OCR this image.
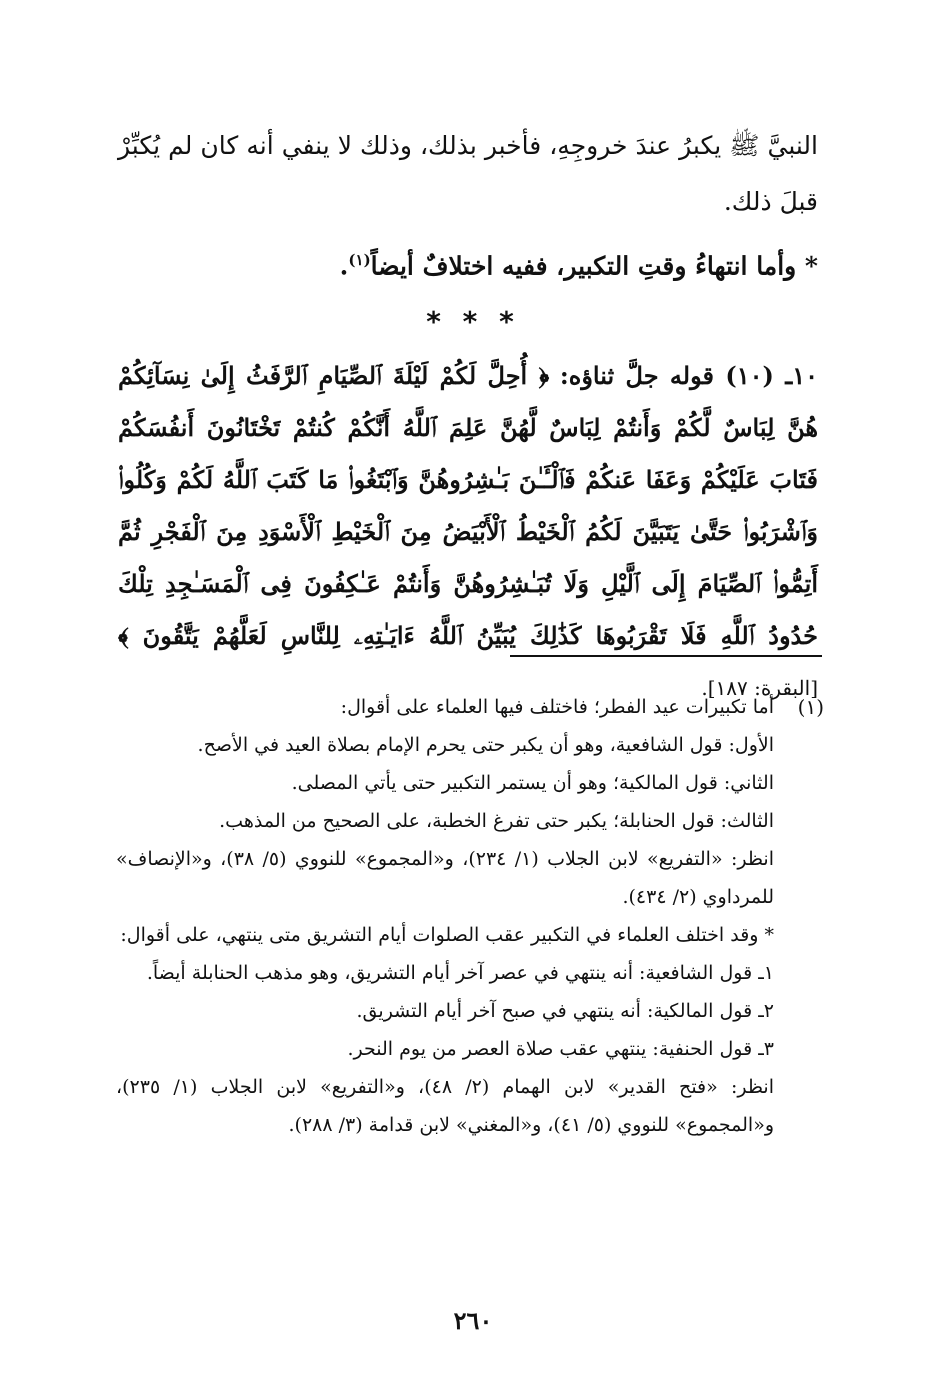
النبيَّ ﷺ يكبرُ عندَ خروجِهِ، فأخبر بذلك، وذلك لا ينفي أنه كان لم يُكبِّرْ قبلَ ذلك.

* وأما انتهاءُ وقتِ التكبير، ففيه اختلافٌ أيضاً$^{(١)}$.

* * *

١٠ـ (١٠) قوله جلَّ ثناؤه: ﴿ أُحِلَّ لَكُمْ لَيْلَةَ ٱلصِّيَامِ ٱلرَّفَثُ إِلَىٰ نِسَآئِكُمْ هُنَّ لِبَاسٌ لَّكُمْ وَأَنتُمْ لِبَاسٌ لَّهُنَّ عَلِمَ ٱللَّهُ أَنَّكُمْ كُنتُمْ تَخْتَانُونَ أَنفُسَكُمْ فَتَابَ عَلَيْكُمْ وَعَفَا عَنكُمْ فَٱلْـَٔـٰنَ بَـٰشِرُوهُنَّ وَٱبْتَغُوا۟ مَا كَتَبَ ٱللَّهُ لَكُمْ وَكُلُوا۟ وَٱشْرَبُوا۟ حَتَّىٰ يَتَبَيَّنَ لَكُمُ ٱلْخَيْطُ ٱلْأَبْيَضُ مِنَ ٱلْخَيْطِ ٱلْأَسْوَدِ مِنَ ٱلْفَجْرِ ثُمَّ أَتِمُّوا۟ ٱلصِّيَامَ إِلَى ٱلَّيْلِ وَلَا تُبَـٰشِرُوهُنَّ وَأَنتُمْ عَـٰكِفُونَ فِى ٱلْمَسَـٰجِدِ تِلْكَ حُدُودُ ٱللَّهِ فَلَا تَقْرَبُوهَا كَذَٰلِكَ يُبَيِّنُ ٱللَّهُ ءَايَـٰتِهِۦ لِلنَّاسِ لَعَلَّهُمْ يَتَّقُونَ ﴾ [البقرة: ١٨٧].

(١)
أما تكبيرات عيد الفطر؛ فاختلف فيها العلماء على أقوال:
الأول: قول الشافعية، وهو أن يكبر حتى يحرم الإمام بصلاة العيد في الأصح.
الثاني: قول المالكية؛ وهو أن يستمر التكبير حتى يأتي المصلى.
الثالث: قول الحنابلة؛ يكبر حتى تفرغ الخطبة، على الصحيح من المذهب.
انظر: «التفريع» لابن الجلاب (١/ ٢٣٤)، و«المجموع» للنووي (٥/ ٣٨)، و«الإنصاف» للمرداوي (٢/ ٤٣٤).
* وقد اختلف العلماء في التكبير عقب الصلوات أيام التشريق متى ينتهي، على أقوال:
١ـ قول الشافعية: أنه ينتهي في عصر آخر أيام التشريق، وهو مذهب الحنابلة أيضاً.
٢ـ قول المالكية: أنه ينتهي في صبح آخر أيام التشريق.
٣ـ قول الحنفية: ينتهي عقب صلاة العصر من يوم النحر.
انظر: «فتح القدير» لابن الهمام (٢/ ٤٨)، و«التفريع» لابن الجلاب (١/ ٢٣٥)، و«المجموع» للنووي (٥/ ٤١)، و«المغني» لابن قدامة (٣/ ٢٨٨).
٢٦٠
